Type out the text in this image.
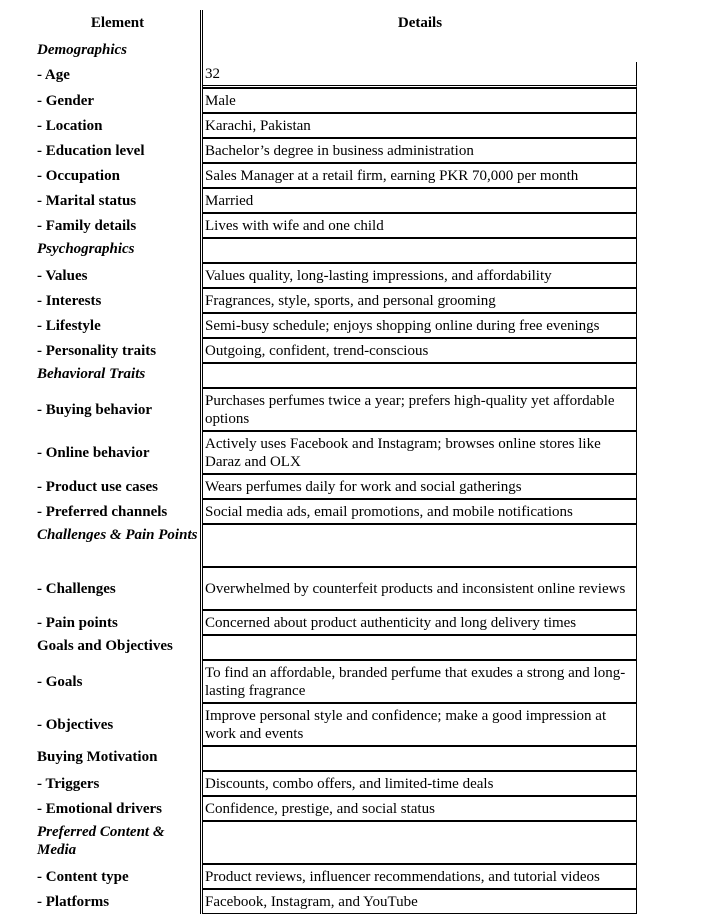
Element	Details
Demographics	
- Age	32
- Gender	Male
- Location	Karachi, Pakistan
- Education level	Bachelor’s degree in business administration
- Occupation	Sales Manager at a retail firm, earning PKR 70,000 per month
- Marital status	Married
- Family details	Lives with wife and one child
Psychographics	
- Values	Values quality, long-lasting impressions, and affordability
- Interests	Fragrances, style, sports, and personal grooming
- Lifestyle	Semi-busy schedule; enjoys shopping online during free evenings
- Personality traits	Outgoing, confident, trend-conscious
Behavioral Traits	
- Buying behavior	Purchases perfumes twice a year; prefers high-quality yet affordable options
- Online behavior	Actively uses Facebook and Instagram; browses online stores like Daraz and OLX
- Product use cases	Wears perfumes daily for work and social gatherings
- Preferred channels	Social media ads, email promotions, and mobile notifications
Challenges & Pain Points	
- Challenges	Overwhelmed by counterfeit products and inconsistent online reviews
- Pain points	Concerned about product authenticity and long delivery times
Goals and Objectives	
- Goals	To find an affordable, branded perfume that exudes a strong and long-lasting fragrance
- Objectives	Improve personal style and confidence; make a good impression at work and events
Buying Motivation	
- Triggers	Discounts, combo offers, and limited-time deals
- Emotional drivers	Confidence, prestige, and social status
Preferred Content & Media	
- Content type	Product reviews, influencer recommendations, and tutorial videos
- Platforms	Facebook, Instagram, and YouTube
